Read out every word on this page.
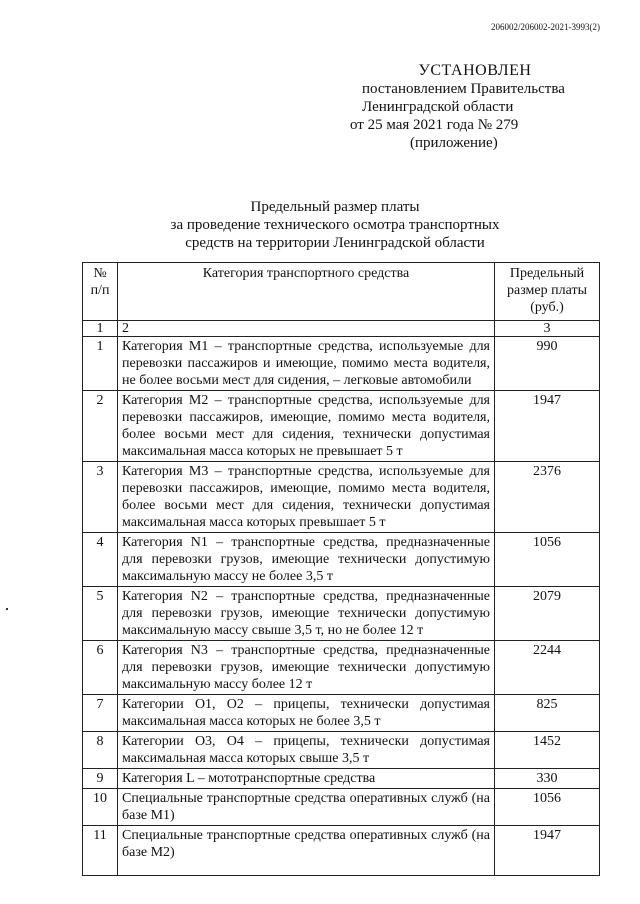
206002/206002-2021-3993(2)
УСТАНОВЛЕН
постановлением Правительства
Ленинградской области
от 25 мая 2021 года № 279
(приложение)
Предельный размер платы
за проведение технического осмотра транспортных
средств на территории Ленинградской области
№ п/п	Категория транспортного средства	Предельный размер платы (руб.)
1	2	3
1	Категория М1 – транспортные средства, используемые для перевозки пассажиров и имеющие, помимо места водителя, не более восьми мест для сидения, – легковые автомобили	990
2	Категория М2 – транспортные средства, используемые для перевозки пассажиров, имеющие, помимо места водителя, более восьми мест для сидения, технически допустимая максимальная масса которых не превышает 5 т	1947
3	Категория М3 – транспортные средства, используемые для перевозки пассажиров, имеющие, помимо места водителя, более восьми мест для сидения, технически допустимая максимальная масса которых превышает 5 т	2376
4	Категория N1 – транспортные средства, предназначенные для перевозки грузов, имеющие технически допустимую максимальную массу не более 3,5 т	1056
5	Категория N2 – транспортные средства, предназначенные для перевозки грузов, имеющие технически допустимую максимальную массу свыше 3,5 т, но не более 12 т	2079
6	Категория N3 – транспортные средства, предназначенные для перевозки грузов, имеющие технически допустимую максимальную массу более 12 т	2244
7	Категории О1, О2 – прицепы, технически допустимая максимальная масса которых не более 3,5 т	825
8	Категории О3, О4 – прицепы, технически допустимая максимальная масса которых свыше 3,5 т	1452
9	Категория L – мототранспортные средства	330
10	Специальные транспортные средства оперативных служб (на базе М1)	1056
11	Специальные транспортные средства оперативных служб (на базе М2)	1947
